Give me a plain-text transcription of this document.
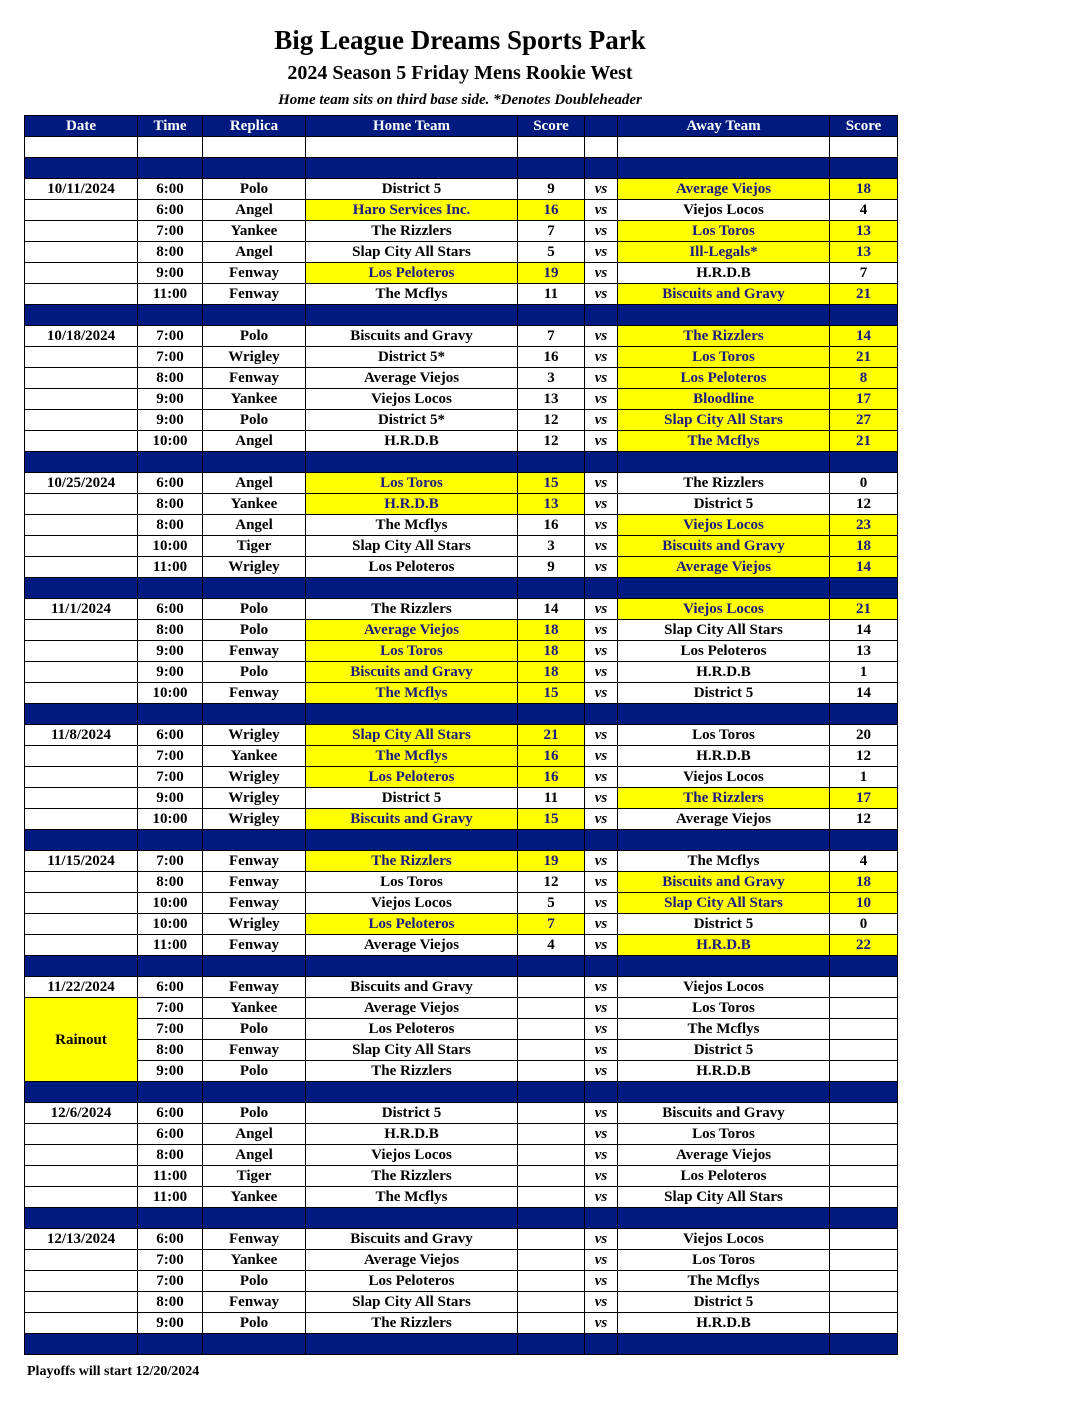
Big League Dreams Sports Park
2024 Season 5 Friday Mens Rookie West
Home team sits on third base side. *Denotes Doubleheader
Date	Time	Replica	Home Team	Score		Away Team	Score

10/11/2024	6:00	Polo	District 5	9	vs	Average Viejos	18
	6:00	Angel	Haro Services Inc.	16	vs	Viejos Locos	4
	7:00	Yankee	The Rizzlers	7	vs	Los Toros	13
	8:00	Angel	Slap City All Stars	5	vs	Ill-Legals*	13
	9:00	Fenway	Los Peloteros	19	vs	H.R.D.B	7
	11:00	Fenway	The Mcflys	11	vs	Biscuits and Gravy	21

10/18/2024	7:00	Polo	Biscuits and Gravy	7	vs	The Rizzlers	14
	7:00	Wrigley	District 5*	16	vs	Los Toros	21
	8:00	Fenway	Average Viejos	3	vs	Los Peloteros	8
	9:00	Yankee	Viejos Locos	13	vs	Bloodline	17
	9:00	Polo	District 5*	12	vs	Slap City All Stars	27
	10:00	Angel	H.R.D.B	12	vs	The Mcflys	21

10/25/2024	6:00	Angel	Los Toros	15	vs	The Rizzlers	0
	8:00	Yankee	H.R.D.B	13	vs	District 5	12
	8:00	Angel	The Mcflys	16	vs	Viejos Locos	23
	10:00	Tiger	Slap City All Stars	3	vs	Biscuits and Gravy	18
	11:00	Wrigley	Los Peloteros	9	vs	Average Viejos	14

11/1/2024	6:00	Polo	The Rizzlers	14	vs	Viejos Locos	21
	8:00	Polo	Average Viejos	18	vs	Slap City All Stars	14
	9:00	Fenway	Los Toros	18	vs	Los Peloteros	13
	9:00	Polo	Biscuits and Gravy	18	vs	H.R.D.B	1
	10:00	Fenway	The Mcflys	15	vs	District 5	14

11/8/2024	6:00	Wrigley	Slap City All Stars	21	vs	Los Toros	20
	7:00	Yankee	The Mcflys	16	vs	H.R.D.B	12
	7:00	Wrigley	Los Peloteros	16	vs	Viejos Locos	1
	9:00	Wrigley	District 5	11	vs	The Rizzlers	17
	10:00	Wrigley	Biscuits and Gravy	15	vs	Average Viejos	12

11/15/2024	7:00	Fenway	The Rizzlers	19	vs	The Mcflys	4
	8:00	Fenway	Los Toros	12	vs	Biscuits and Gravy	18
	10:00	Fenway	Viejos Locos	5	vs	Slap City All Stars	10
	10:00	Wrigley	Los Peloteros	7	vs	District 5	0
	11:00	Fenway	Average Viejos	4	vs	H.R.D.B	22

11/22/2024	6:00	Fenway	Biscuits and Gravy		vs	Viejos Locos	
Rainout	7:00	Yankee	Average Viejos		vs	Los Toros	
	7:00	Polo	Los Peloteros		vs	The Mcflys	
	8:00	Fenway	Slap City All Stars		vs	District 5	
	9:00	Polo	The Rizzlers		vs	H.R.D.B	

12/6/2024	6:00	Polo	District 5		vs	Biscuits and Gravy	
	6:00	Angel	H.R.D.B		vs	Los Toros	
	8:00	Angel	Viejos Locos		vs	Average Viejos	
	11:00	Tiger	The Rizzlers		vs	Los Peloteros	
	11:00	Yankee	The Mcflys		vs	Slap City All Stars	

12/13/2024	6:00	Fenway	Biscuits and Gravy		vs	Viejos Locos	
	7:00	Yankee	Average Viejos		vs	Los Toros	
	7:00	Polo	Los Peloteros		vs	The Mcflys	
	8:00	Fenway	Slap City All Stars		vs	District 5	
	9:00	Polo	The Rizzlers		vs	H.R.D.B	

Playoffs will start 12/20/2024
